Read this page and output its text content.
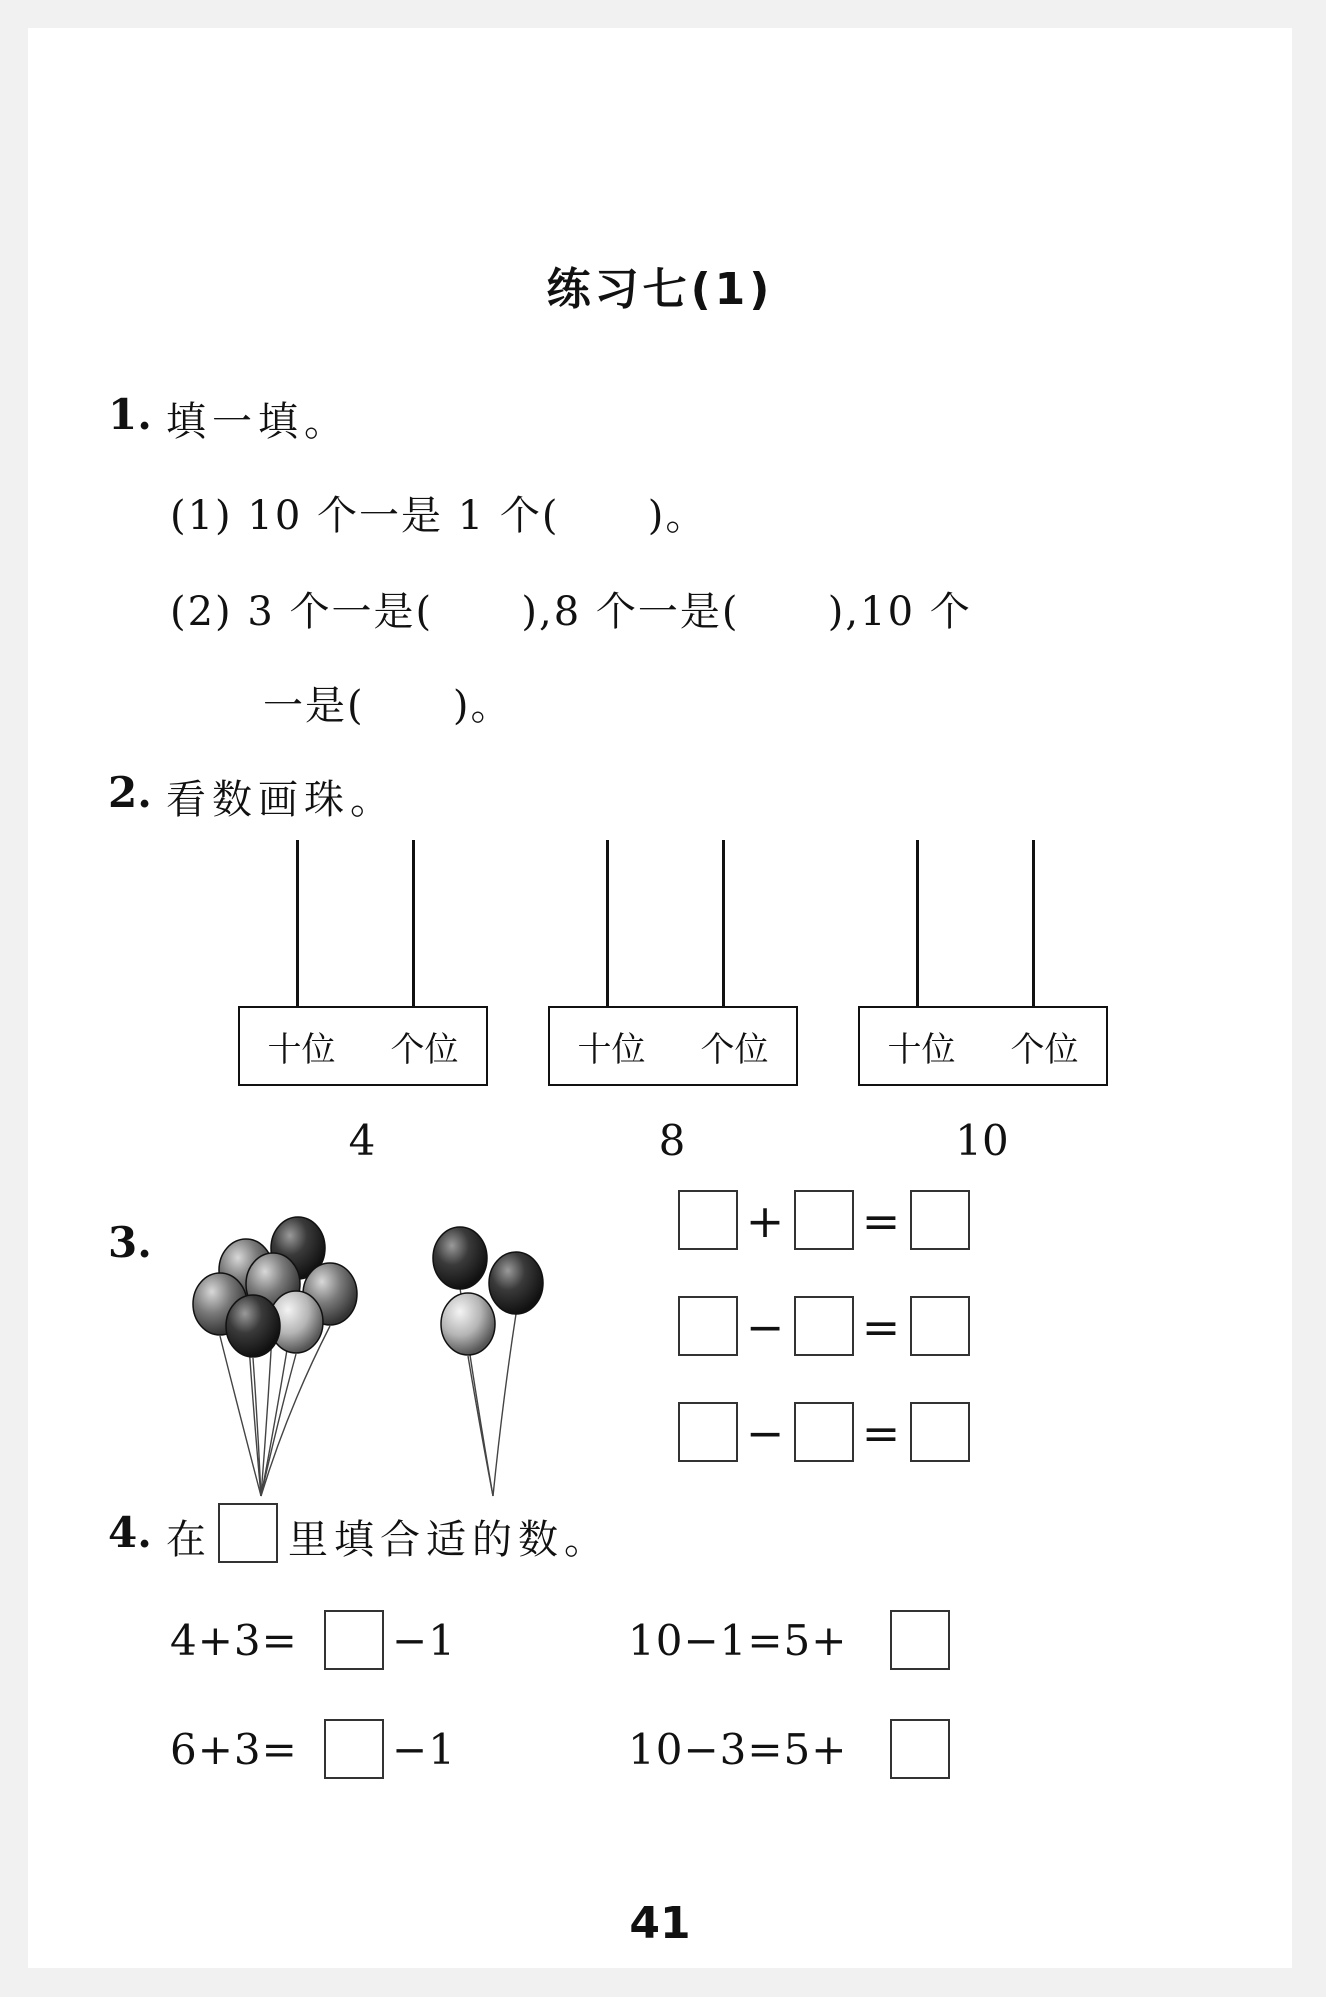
练习七(1)
1. 填一填。
(1) 10 个一是 1 个(      )。
(2) 3 个一是(      ),8 个一是(      ),10 个
一是(      )。
2. 看数画珠。
十位 个位
4
十位 个位
8
十位 个位
10
3.	+ =
− =
− =
4. 在 里填合适的数。
4+3= −1
6+3= −1
10−1=5+
10−3=5+
41
